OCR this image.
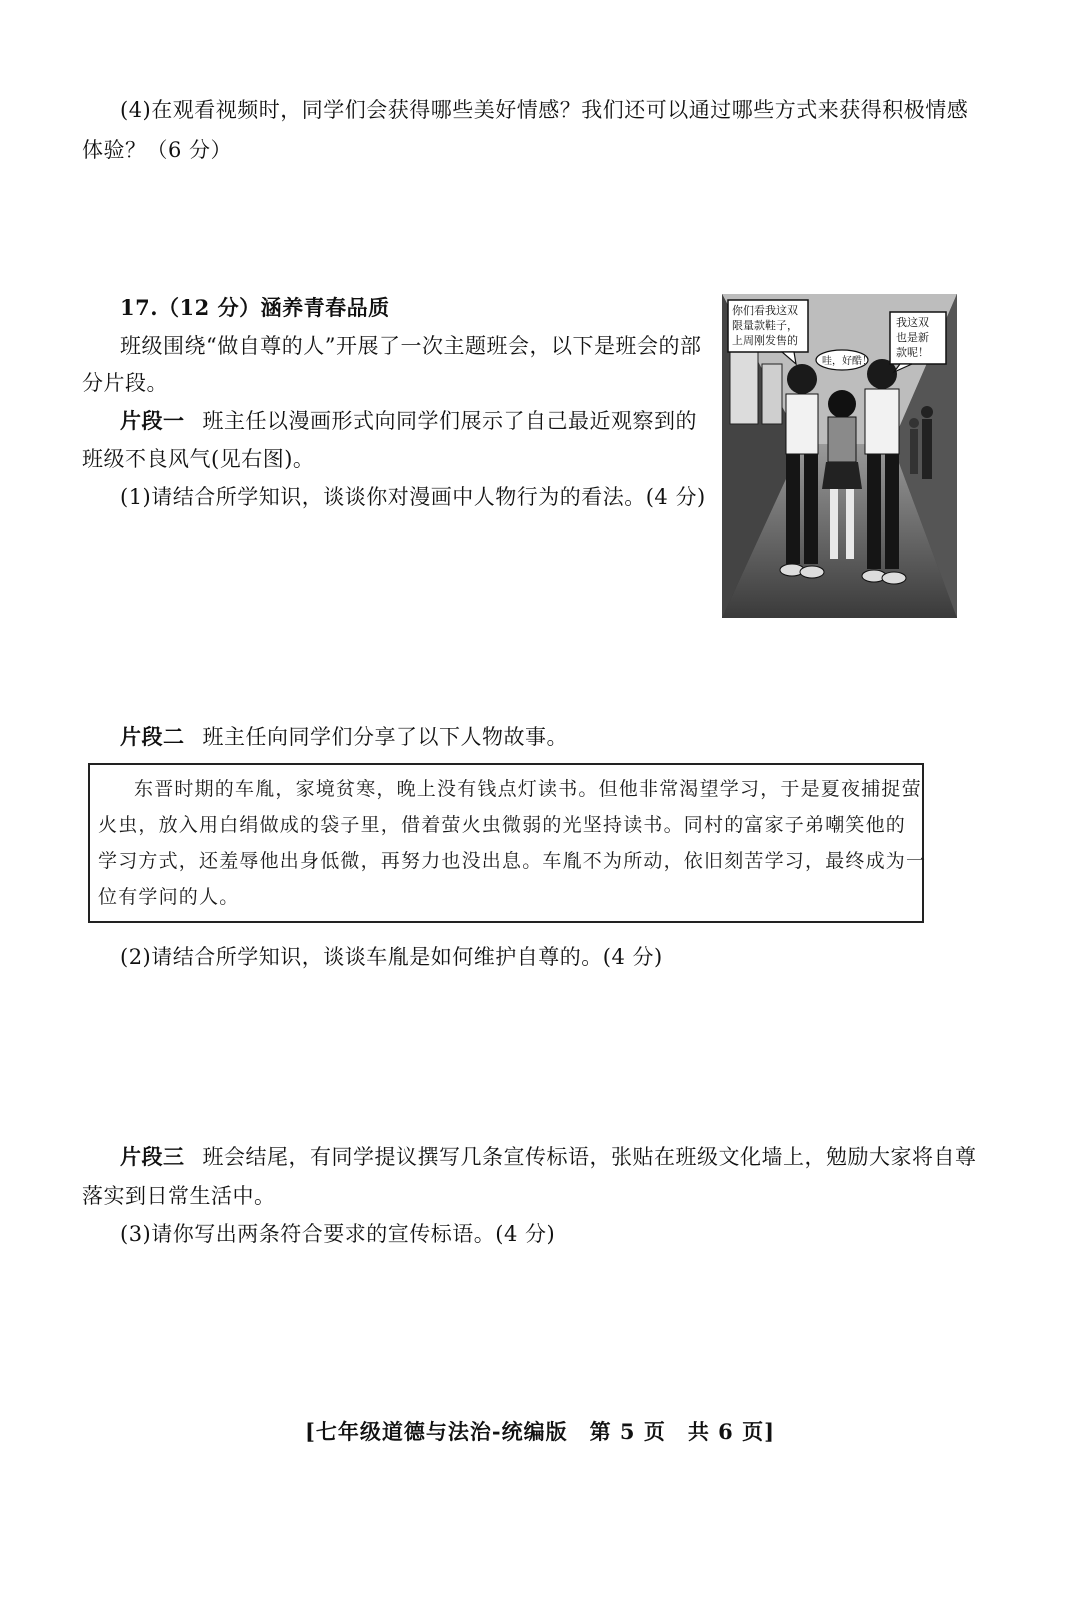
(4)在观看视频时，同学们会获得哪些美好情感？我们还可以通过哪些方式来获得积极情感
体验？（6 分）
17.（12 分）涵养青春品质
班级围绕“做自尊的人”开展了一次主题班会，以下是班会的部
分片段。
片段一 班主任以漫画形式向同学们展示了自己最近观察到的
班级不良风气(见右图)。
(1)请结合所学知识，谈谈你对漫画中人物行为的看法。(4 分)
你们看我这双
限量款鞋子，
上周刚发售的
我这双
也是新
款呢！
哇，好酷！
片段二 班主任向同学们分享了以下人物故事。
东晋时期的车胤，家境贫寒，晚上没有钱点灯读书。但他非常渴望学习，于是夏夜捕捉萤
火虫，放入用白绢做成的袋子里，借着萤火虫微弱的光坚持读书。同村的富家子弟嘲笑他的
学习方式，还羞辱他出身低微，再努力也没出息。车胤不为所动，依旧刻苦学习，最终成为一
位有学问的人。
(2)请结合所学知识，谈谈车胤是如何维护自尊的。(4 分)
片段三 班会结尾，有同学提议撰写几条宣传标语，张贴在班级文化墙上，勉励大家将自尊
落实到日常生活中。
(3)请你写出两条符合要求的宣传标语。(4 分)
[七年级道德与法治-统编版　第 5 页　共 6 页]
